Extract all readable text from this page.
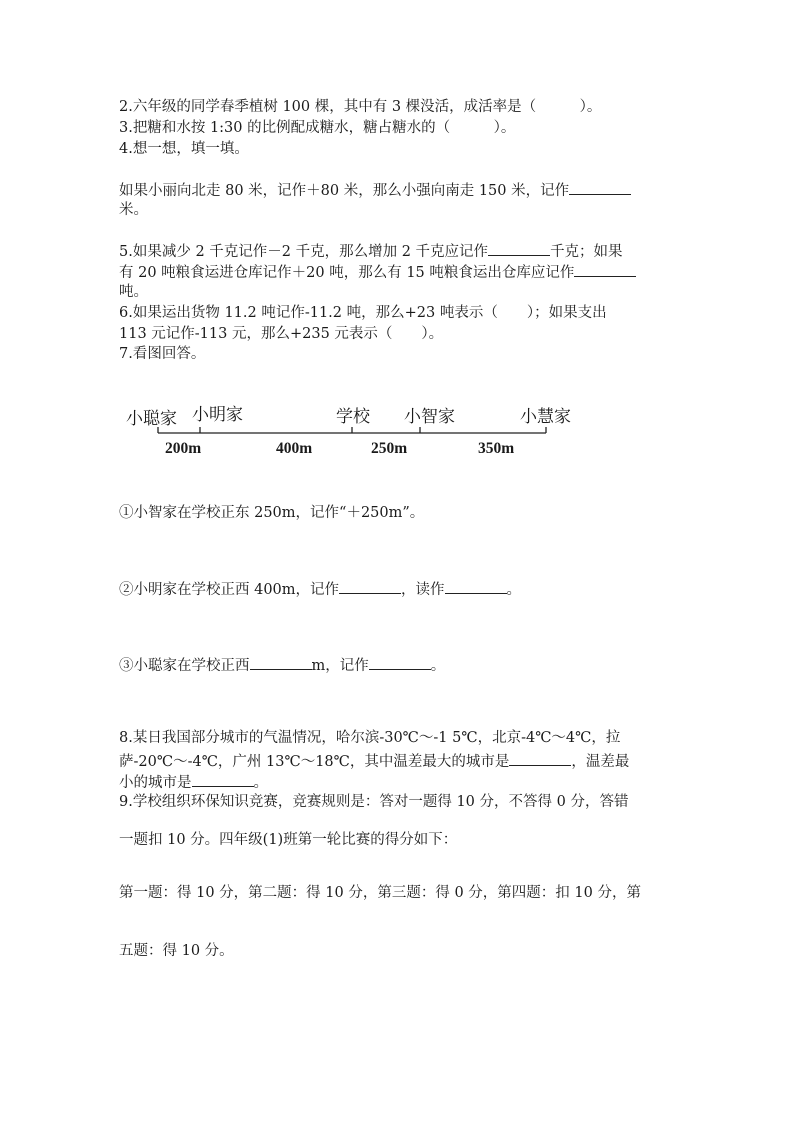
2.六年级的同学春季植树 100 棵，其中有 3 棵没活，成活率是（　　　）。

3.把糖和水按 1:30 的比例配成糖水，糖占糖水的（　　　）。

4.想一想，填一填。

如果小丽向北走 80 米，记作＋80 米，那么小强向南走 150 米，记作

米。

5.如果减少 2 千克记作－2 千克，那么增加 2 千克应记作	千克；如果

有 20 吨粮食运进仓库记作＋20 吨，那么有 15 吨粮食运出仓库应记作

吨。

6.如果运出货物 11.2 吨记作-11.2 吨，那么+23 吨表示（　　）；如果支出

113 元记作-113 元，那么+235 元表示（　　）。

7.看图回答。

小聪家 小明家	学校 小智家	小慧家
200m	400m	250m	350m

①小智家在学校正东 250m，记作“＋250m”。

②小明家在学校正西 400m，记作	，读作	。

③小聪家在学校正西	m，记作	。

8.某日我国部分城市的气温情况，哈尔滨-30℃～-1 5℃，北京-4℃～4℃，拉

萨-20℃～-4℃，广州 13℃～18℃，其中温差最大的城市是	，温差最

小的城市是	。

9.学校组织环保知识竞赛，竞赛规则是：答对一题得 10 分，不答得 0 分，答错

一题扣 10 分。四年级(1)班第一轮比赛的得分如下：

第一题：得 10 分，第二题：得 10 分，第三题：得 0 分，第四题：扣 10 分，第

五题：得 10 分。
